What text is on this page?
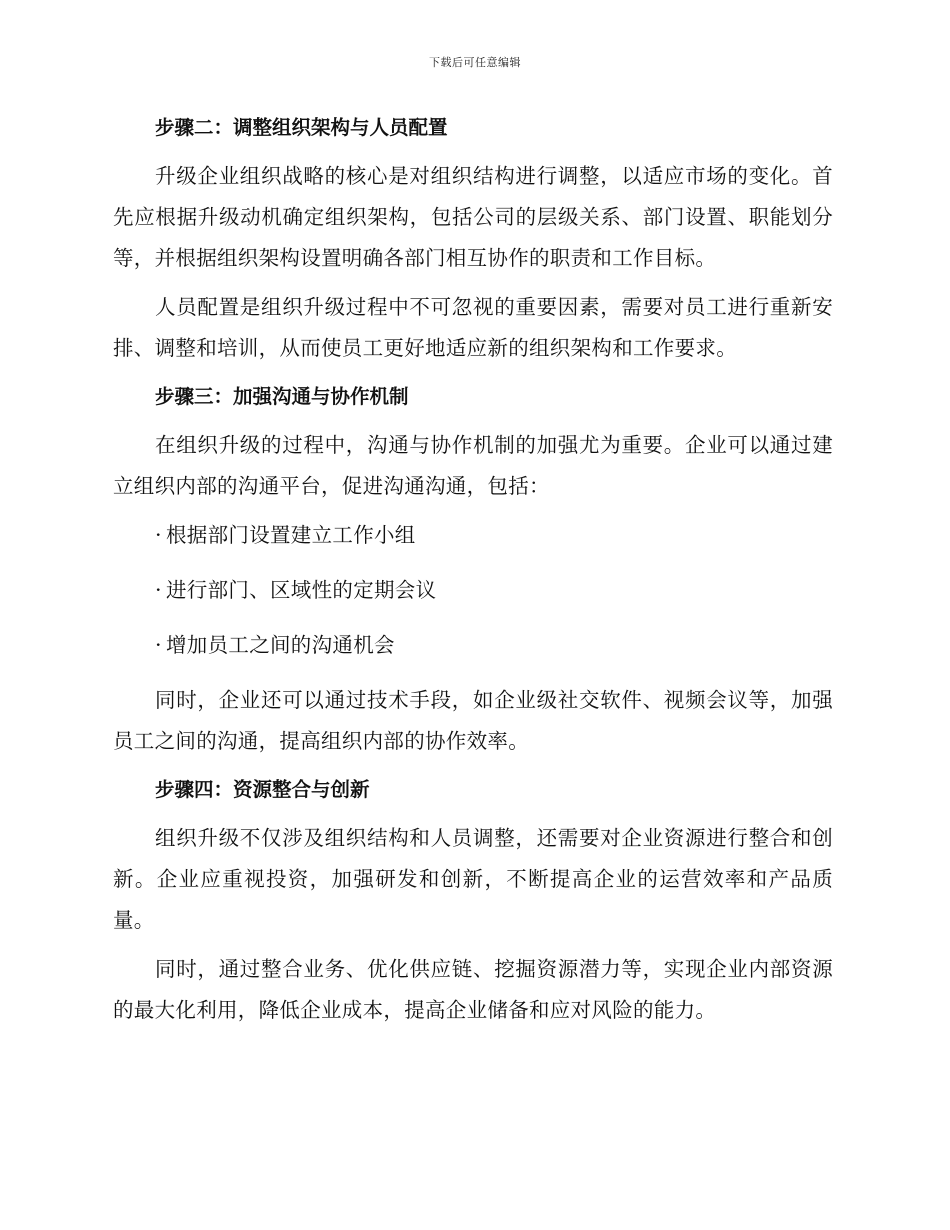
下载后可任意编辑
步骤二：调整组织架构与人员配置
升级企业组织战略的核心是对组织结构进行调整，以适应市场的变化。首先应根据升级动机确定组织架构，包括公司的层级关系、部门设置、职能划分等，并根据组织架构设置明确各部门相互协作的职责和工作目标。
人员配置是组织升级过程中不可忽视的重要因素，需要对员工进行重新安排、调整和培训，从而使员工更好地适应新的组织架构和工作要求。
步骤三：加强沟通与协作机制
在组织升级的过程中，沟通与协作机制的加强尤为重要。企业可以通过建立组织内部的沟通平台，促进沟通沟通，包括：
· 根据部门设置建立工作小组
· 进行部门、区域性的定期会议
· 增加员工之间的沟通机会
同时，企业还可以通过技术手段，如企业级社交软件、视频会议等，加强员工之间的沟通，提高组织内部的协作效率。
步骤四：资源整合与创新
组织升级不仅涉及组织结构和人员调整，还需要对企业资源进行整合和创新。企业应重视投资，加强研发和创新，不断提高企业的运营效率和产品质量。
同时，通过整合业务、优化供应链、挖掘资源潜力等，实现企业内部资源的最大化利用，降低企业成本，提高企业储备和应对风险的能力。
